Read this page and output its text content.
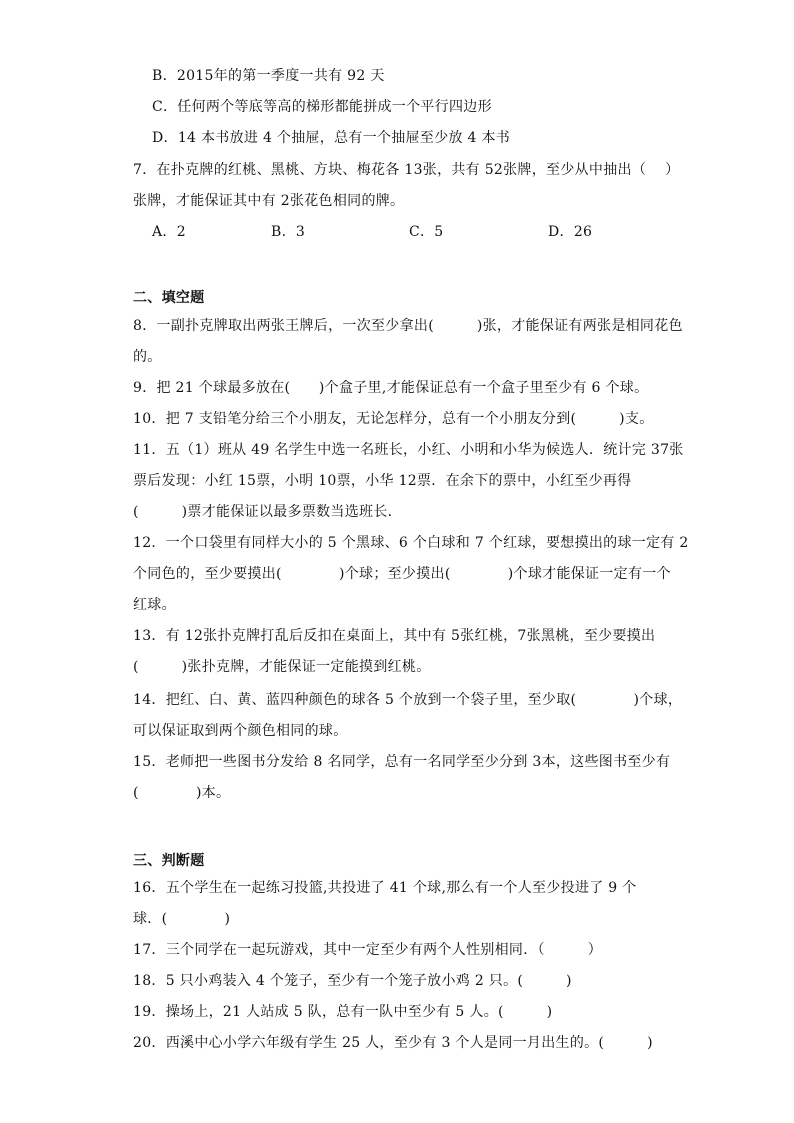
B．2015年的第一季度一共有 92 天
C．任何两个等底等高的梯形都能拼成一个平行四边形
D．14 本书放进 4 个抽屉，总有一个抽屉至少放 4 本书
7．在扑克牌的红桃、黑桃、方块、梅花各 13张，共有 52张牌，至少从中抽出（　 ）
张牌，才能保证其中有 2张花色相同的牌。
A．2	B．3	C．5	D．26
二、填空题
8．一副扑克牌取出两张王牌后，一次至少拿出(　　　)张，才能保证有两张是相同花色
的。
9．把 21 个球最多放在(　　)个盒子里,才能保证总有一个盒子里至少有 6 个球。
10．把 7 支铅笔分给三个小朋友，无论怎样分，总有一个小朋友分到(　　　)支。
11．五（1）班从 49 名学生中选一名班长，小红、小明和小华为候选人．统计完 37张
票后发现：小红 15票，小明 10票，小华 12票．在余下的票中，小红至少再得
(　　　)票才能保证以最多票数当选班长．
12．一个口袋里有同样大小的 5 个黑球、6 个白球和 7 个红球，要想摸出的球一定有 2
个同色的，至少要摸出(　　　　)个球；至少摸出(　　　　)个球才能保证一定有一个
红球。
13．有 12张扑克牌打乱后反扣在桌面上，其中有 5张红桃，7张黑桃，至少要摸出
(　　　)张扑克牌，才能保证一定能摸到红桃。
14．把红、白、黄、蓝四种颜色的球各 5 个放到一个袋子里，至少取(　　　　)个球，
可以保证取到两个颜色相同的球。
15．老师把一些图书分发给 8 名同学，总有一名同学至少分到 3本，这些图书至少有
(　　　　)本。
三、判断题
16．五个学生在一起练习投篮,共投进了 41 个球,那么有一个人至少投进了 9 个
球．(　　　　)
17．三个同学在一起玩游戏，其中一定至少有两个人性别相同．（　　　）
18．5 只小鸡装入 4 个笼子，至少有一个笼子放小鸡 2 只。(　　　)
19．操场上，21 人站成 5 队，总有一队中至少有 5 人。(　　　)
20．西溪中心小学六年级有学生 25 人，至少有 3 个人是同一月出生的。(　　　)
